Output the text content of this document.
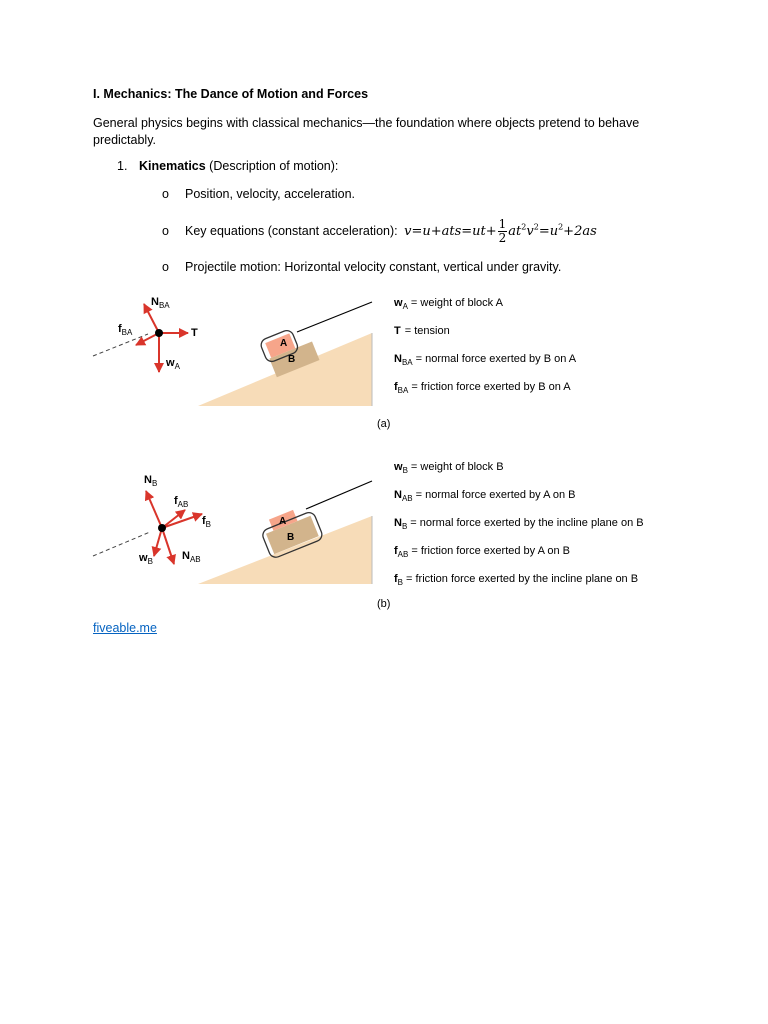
I. Mechanics: The Dance of Motion and Forces
General physics begins with classical mechanics—the foundation where objects pretend to behave predictably.
1. Kinematics (Description of motion):
o Position, velocity, acceleration.
o Key equations (constant acceleration): $v=u+ats=ut+ \frac{1}{2} at^2v^2=u^2+2as$
o Projectile motion: Horizontal velocity constant, vertical under gravity.
$N_{BA}$
$f_{BA}$	T
$w_A$
A
B
$w_A$ = weight of block A
T = tension
$N_{BA}$ = normal force exerted by B on A
$f_{BA}$ = friction force exerted by B on A
(a)
$N_B$
$f_{AB}$
$f_B$
$w_B$	$N_{AB}$
A
B
$w_B$ = weight of block B
$N_{AB}$ = normal force exerted by A on B
$N_B$ = normal force exerted by the incline plane on B
$f_{AB}$ = friction force exerted by A on B
$f_B$ = friction force exerted by the incline plane on B
(b)
fiveable.me
